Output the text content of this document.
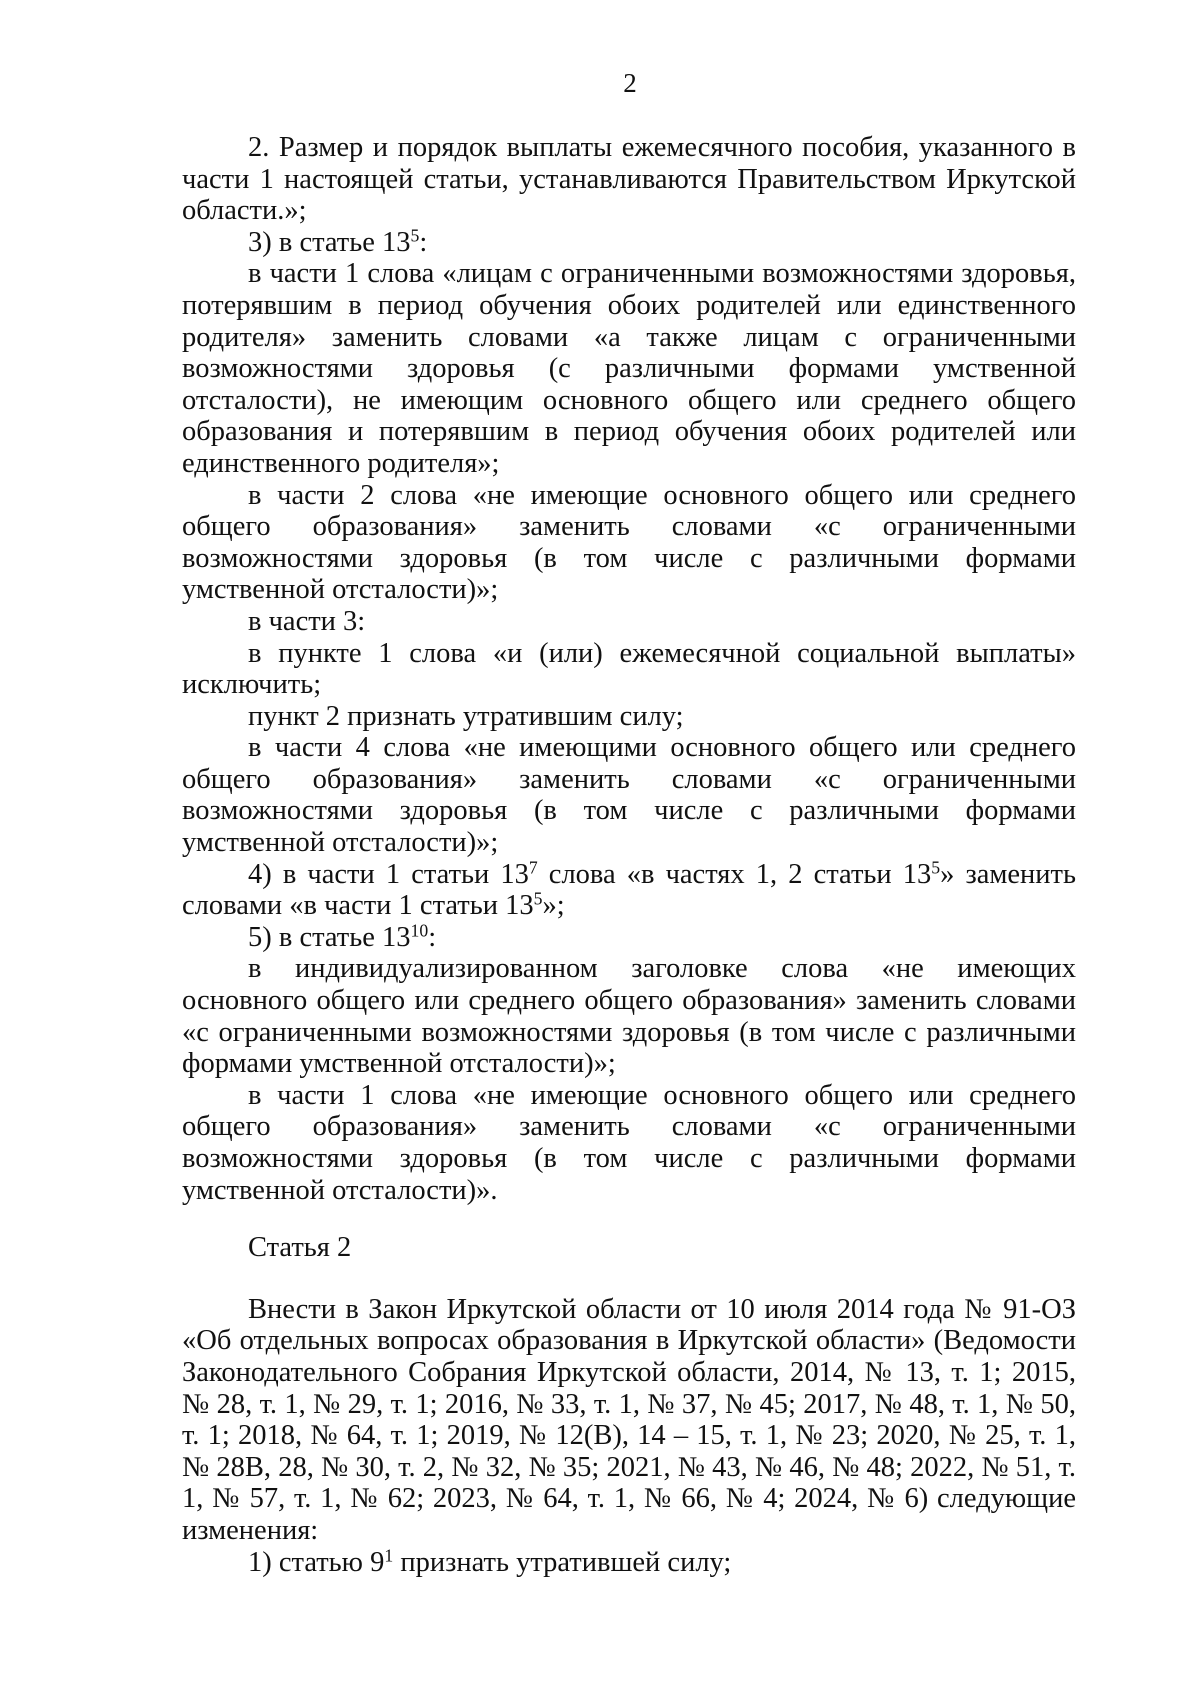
2

2. Размер и порядок выплаты ежемесячного пособия, указанного в части 1 настоящей статьи, устанавливаются Правительством Иркутской области.»;

3) в статье $13^5$:

в части 1 слова «лицам с ограниченными возможностями здоровья, потерявшим в период обучения обоих родителей или единственного родителя» заменить словами «а также лицам с ограниченными возможностями здоровья (с различными формами умственной отсталости), не имеющим основного общего или среднего общего образования и потерявшим в период обучения обоих родителей или единственного родителя»;

в части 2 слова «не имеющие основного общего или среднего общего образования» заменить словами «с ограниченными возможностями здоровья (в том числе с различными формами умственной отсталости)»;

в части 3:

в пункте 1 слова «и (или) ежемесячной социальной выплаты» исключить;

пункт 2 признать утратившим силу;

в части 4 слова «не имеющими основного общего или среднего общего образования» заменить словами «с ограниченными возможностями здоровья (в том числе с различными формами умственной отсталости)»;

4) в части 1 статьи $13^7$ слова «в частях 1, 2 статьи $13^5$» заменить словами «в части 1 статьи $13^5$»;

5) в статье $13^{10}$:

в индивидуализированном заголовке слова «не имеющих основного общего или среднего общего образования» заменить словами «с ограниченными возможностями здоровья (в том числе с различными формами умственной отсталости)»;

в части 1 слова «не имеющие основного общего или среднего общего образования» заменить словами «с ограниченными возможностями здоровья (в том числе с различными формами умственной отсталости)».

Статья 2

Внести в Закон Иркутской области от 10 июля 2014 года № 91-ОЗ «Об отдельных вопросах образования в Иркутской области» (Ведомости Законодательного Собрания Иркутской области, 2014, № 13, т. 1; 2015, № 28, т. 1, № 29, т. 1; 2016, № 33, т. 1, № 37, № 45; 2017, № 48, т. 1, № 50, т. 1; 2018, № 64, т. 1; 2019, № 12(В), 14 – 15, т. 1, № 23; 2020, № 25, т. 1, № 28В, 28, № 30, т. 2, № 32, № 35; 2021, № 43, № 46, № 48; 2022, № 51, т. 1, № 57, т. 1, № 62; 2023, № 64, т. 1, № 66, № 4; 2024, № 6) следующие изменения:

1) статью $9^1$ признать утратившей силу;
